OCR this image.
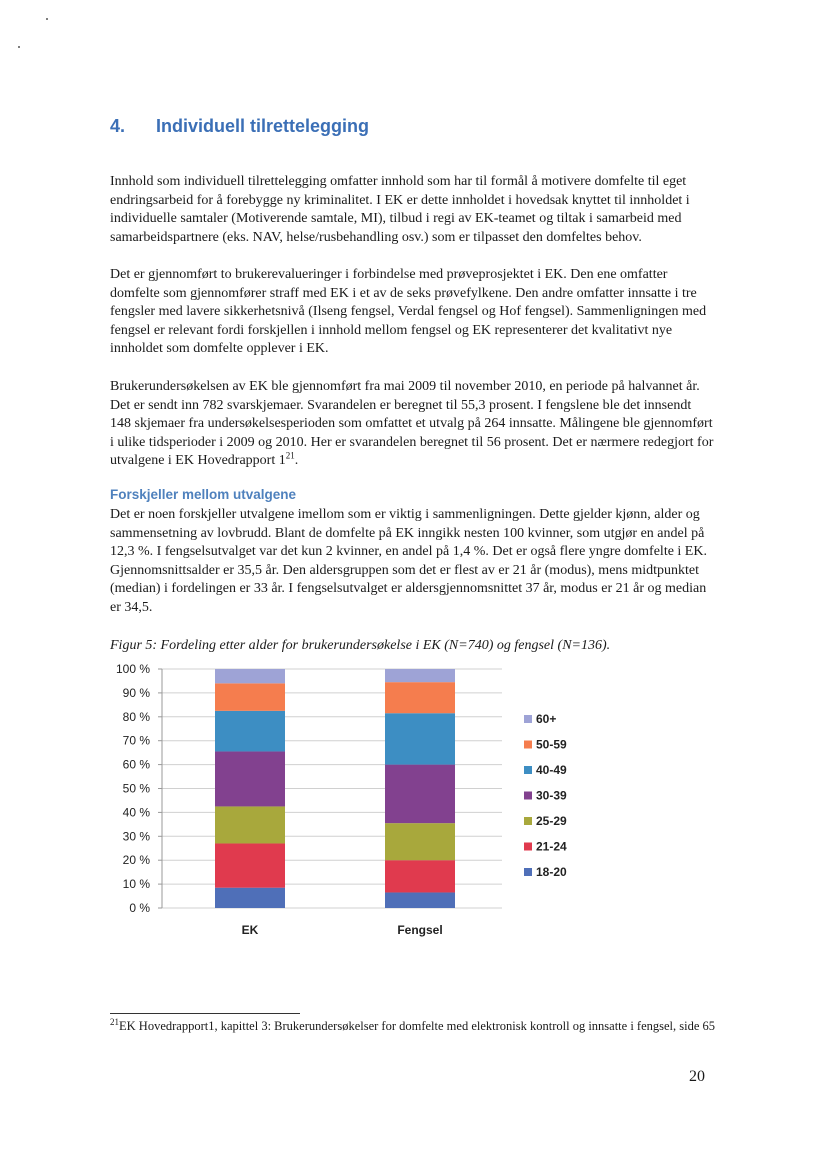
4. Individuell tilrettelegging

Innhold som individuell tilrettelegging omfatter innhold som har til formål å motivere domfelte til eget endringsarbeid for å forebygge ny kriminalitet. I EK er dette innholdet i hovedsak knyttet til innholdet i individuelle samtaler (Motiverende samtale, MI), tilbud i regi av EK-teamet og tiltak i samarbeid med samarbeidspartnere (eks. NAV, helse/rusbehandling osv.) som er tilpasset den domfeltes behov.

Det er gjennomført to brukerevalueringer i forbindelse med prøveprosjektet i EK. Den ene omfatter domfelte som gjennomfører straff med EK i et av de seks prøvefylkene. Den andre omfatter innsatte i tre fengsler med lavere sikkerhetsnivå (Ilseng fengsel, Verdal fengsel og Hof fengsel). Sammenligningen med fengsel er relevant fordi forskjellen i innhold mellom fengsel og EK representerer det kvalitativt nye innholdet som domfelte opplever i EK.

Brukerundersøkelsen av EK ble gjennomført fra mai 2009 til november 2010, en periode på halvannet år. Det er sendt inn 782 svarskjemaer. Svarandelen er beregnet til 55,3 prosent. I fengslene ble det innsendt 148 skjemaer fra undersøkelsesperioden som omfattet et utvalg på 264 innsatte. Målingene ble gjennomført i ulike tidsperioder i 2009 og 2010. Her er svarandelen beregnet til 56 prosent. Det er nærmere redegjort for utvalgene i EK Hovedrapport $1^{21}$.

Forskjeller mellom utvalgene

Det er noen forskjeller utvalgene imellom som er viktig i sammenligningen. Dette gjelder kjønn, alder og sammensetning av lovbrudd. Blant de domfelte på EK inngikk nesten 100 kvinner, som utgjør en andel på 12,3 %. I fengselsutvalget var det kun 2 kvinner, en andel på 1,4 %. Det er også flere yngre domfelte i EK. Gjennomsnittsalder er 35,5 år. Den aldersgruppen som det er flest av er 21 år (modus), mens midtpunktet (median) i fordelingen er 33 år. I fengselsutvalget er aldersgjennomsnittet 37 år, modus er 21 år og median er 34,5.

Figur 5: Fordeling etter alder for brukerundersøkelse i EK (N=740) og fengsel (N=136).

0 %
10 %
20 %
30 %
40 %
50 %
60 %
70 %
80 %
90 %
100 %
EK	Fengsel
60+
50-59
40-49
30-39
25-29
21-24
18-20

$^{21}$EK Hovedrapport1, kapittel 3: Brukerundersøkelser for domfelte med elektronisk kontroll og innsatte i fengsel, side 65

20
